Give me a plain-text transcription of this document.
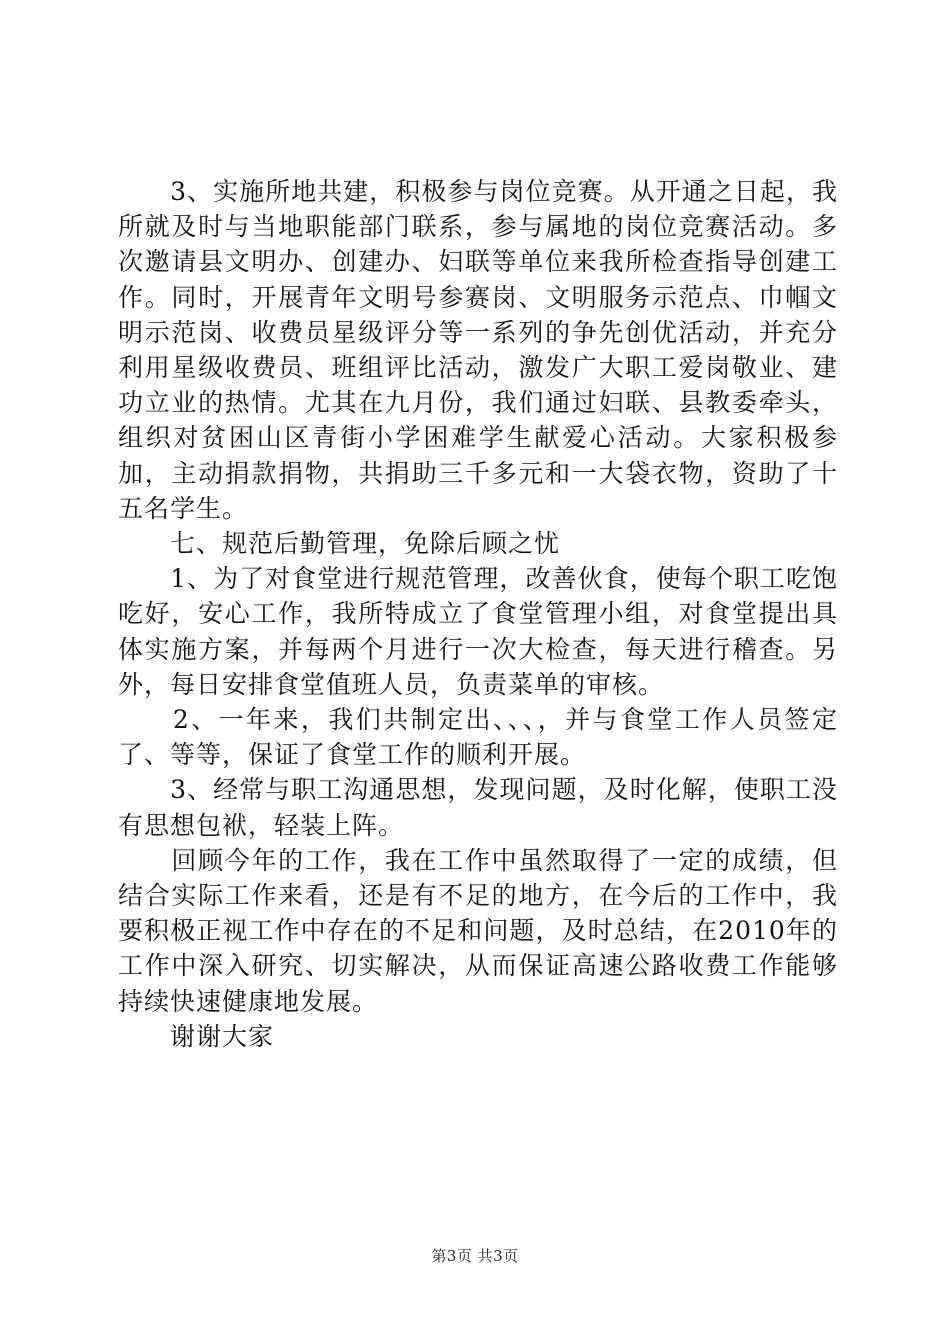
　　3、实施所地共建，积极参与岗位竞赛。从开通之日起，我所就及时与当地职能部门联系，参与属地的岗位竞赛活动。多次邀请县文明办、创建办、妇联等单位来我所检查指导创建工作。同时，开展青年文明号参赛岗、文明服务示范点、巾帼文明示范岗、收费员星级评分等一系列的争先创优活动，并充分利用星级收费员、班组评比活动，激发广大职工爱岗敬业、建功立业的热情。尤其在九月份，我们通过妇联、县教委牵头，组织对贫困山区青街小学困难学生献爱心活动。大家积极参加，主动捐款捐物，共捐助三千多元和一大袋衣物，资助了十五名学生。

　　七、规范后勤管理，免除后顾之忧

　　1、为了对食堂进行规范管理，改善伙食，使每个职工吃饱吃好，安心工作，我所特成立了食堂管理小组，对食堂提出具体实施方案，并每两个月进行一次大检查，每天进行稽查。另外，每日安排食堂值班人员，负责菜单的审核。

　　2、一年来，我们共制定出、、、，并与食堂工作人员签定了、等等，保证了食堂工作的顺利开展。

　　3、经常与职工沟通思想，发现问题，及时化解，使职工没有思想包袱，轻装上阵。

　　回顾今年的工作，我在工作中虽然取得了一定的成绩，但结合实际工作来看，还是有不足的地方，在今后的工作中，我要积极正视工作中存在的不足和问题，及时总结，在2010年的工作中深入研究、切实解决，从而保证高速公路收费工作能够持续快速健康地发展。

　　谢谢大家

第3页 共3页
